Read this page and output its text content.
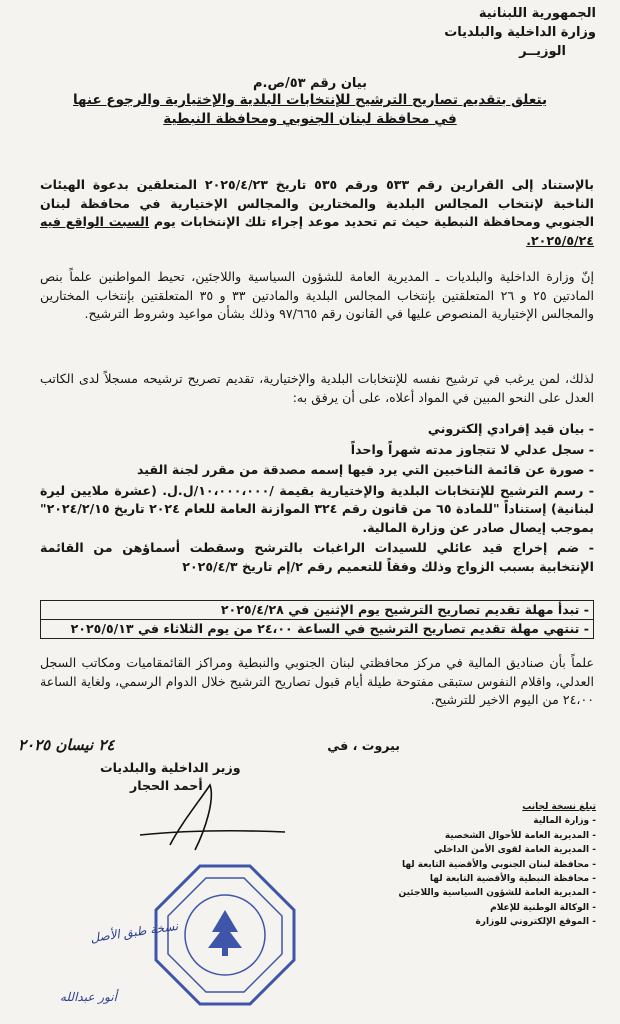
الجمهورية اللبنانية
وزارة الداخلية والبلديات
الوزيــر
بيان رقم ٥٣/ص.م
يتعلق بتقديم تصاريح الترشيح للإنتخابات البلدية والإختيارية والرجوع عنها
في محافظة لبنان الجنوبي ومحافظة النبطية
بالإستناد إلى القرارين رقم ٥٣٣ ورقم ٥٣٥ تاريخ ٢٠٢٥/٤/٢٣ المتعلقين بدعوة الهيئات الناخبة لإنتخاب المجالس البلدية والمختارين والمجالس الإختيارية في محافظة لبنان الجنوبي ومحافظة النبطية حيث تم تحديد موعد إجراء تلك الإنتخابات يوم السبت الواقع فيه ٢٠٢٥/٥/٢٤.
إنّ وزارة الداخلية والبلديات ـ المديرية العامة للشؤون السياسية واللاجئين، تحيط المواطنين علماً بنص المادتين ٢٥ و ٢٦ المتعلقتين بإنتخاب المجالس البلدية والمادتين ٣٣ و ٣٥ المتعلقتين بإنتخاب المختارين والمجالس الإختيارية المنصوص عليها في القانون رقم ٩٧/٦٦٥ وذلك بشأن مواعيد وشروط الترشيح.
لذلك، لمن يرغب في ترشيح نفسه للإنتخابات البلدية والإختيارية، تقديم تصريح ترشيحه مسجلاً لدى الكاتب العدل على النحو المبين في المواد أعلاه، على أن يرفق به:
- بيان قيد إفرادي إلكتروني
- سجل عدلي لا تتجاوز مدته شهراً واحداً
- صورة عن قائمة الناخبين التي يرد فيها إسمه مصدقة من مقرر لجنة القيد
- رسم الترشيح للإنتخابات البلدية والإختيارية بقيمة /١٠،٠٠٠،٠٠٠/ل.ل. (عشرة ملايين ليرة لبنانية) إستناداً "للمادة ٦٥ من قانون رقم ٣٢٤ الموازنة العامة للعام ٢٠٢٤ تاريخ ٢٠٢٤/٢/١٥" بموجب إيصال صادر عن وزارة المالية.
- ضم إخراج قيد عائلي للسيدات الراغبات بالترشح وسقطت أسماؤهن من القائمة الإنتخابية بسبب الزواج وذلك وفقاً للتعميم رقم ٢/إم تاريخ ٢٠٢٥/٤/٣
- تبدأ مهلة تقديم تصاريح الترشيح يوم الإثنين في ٢٠٢٥/٤/٢٨
- تنتهي مهلة تقديم تصاريح الترشيح في الساعة ٢٤،٠٠ من يوم الثلاثاء في ٢٠٢٥/٥/١٣
علماً بأن صناديق المالية في مركز محافظتي لبنان الجنوبي والنبطية ومراكز القائمقاميات ومكاتب السجل العدلي، واقلام النفوس ستبقى مفتوحة طيلة أيام قبول تصاريح الترشيح خلال الدوام الرسمي، ولغاية الساعة ٢٤،٠٠ من اليوم الاخير للترشيح.
بيروت ، في
٢٤ نيسان ٢٠٢٥
وزير الداخلية والبلديات
أحمد الحجار
تبلغ نسخة لجانب
- وزارة المالية
- المديرية العامة للأحوال الشخصية
- المديرية العامة لقوى الأمن الداخلي
- محافظة لبنان الجنوبي والأقضية التابعة لها
- محافظة النبطية والأقضية التابعة لها
- المديرية العامة للشؤون السياسية واللاجئين
- الوكالة الوطنية للإعلام
- الموقع الإلكتروني للوزارة
نسخة طبق الأصل
أنور عبدالله
